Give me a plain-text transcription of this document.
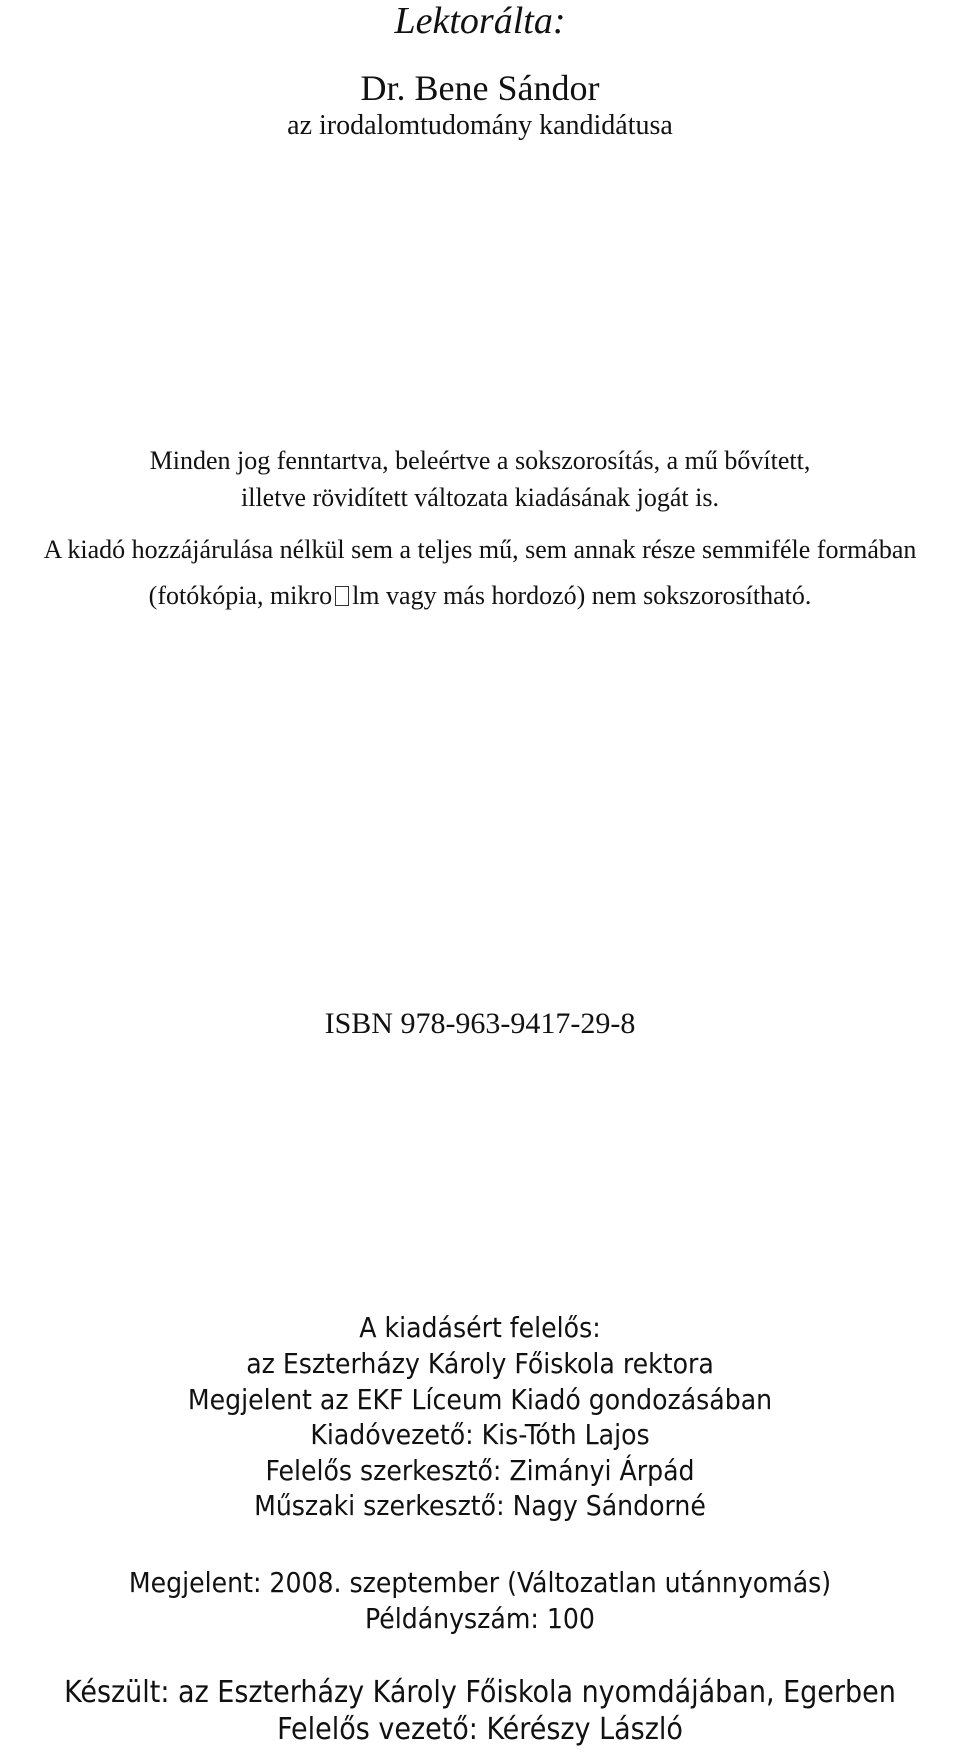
Lektorálta:
Dr. Bene Sándor
az irodalomtudomány kandidátusa
Minden jog fenntartva, beleértve a sokszorosítás, a mű bővített,
illetve rövidített változata kiadásának jogát is.
A kiadó hozzájárulása nélkül sem a teljes mű, sem annak része semmiféle formában
(fotókópia, mikro lm vagy más hordozó) nem sokszorosítható.
ISBN 978-963-9417-29-8
A kiadásért felelős:
az Eszterházy Károly Főiskola rektora
Megjelent az EKF Líceum Kiadó gondozásában
Kiadóvezető: Kis-Tóth Lajos
Felelős szerkesztő: Zimányi Árpád
Műszaki szerkesztő: Nagy Sándorné
Megjelent: 2008. szeptember (Változatlan utánnyomás)
Példányszám: 100
Készült: az Eszterházy Károly Főiskola nyomdájában, Egerben
Felelős vezető: Kérészy László
